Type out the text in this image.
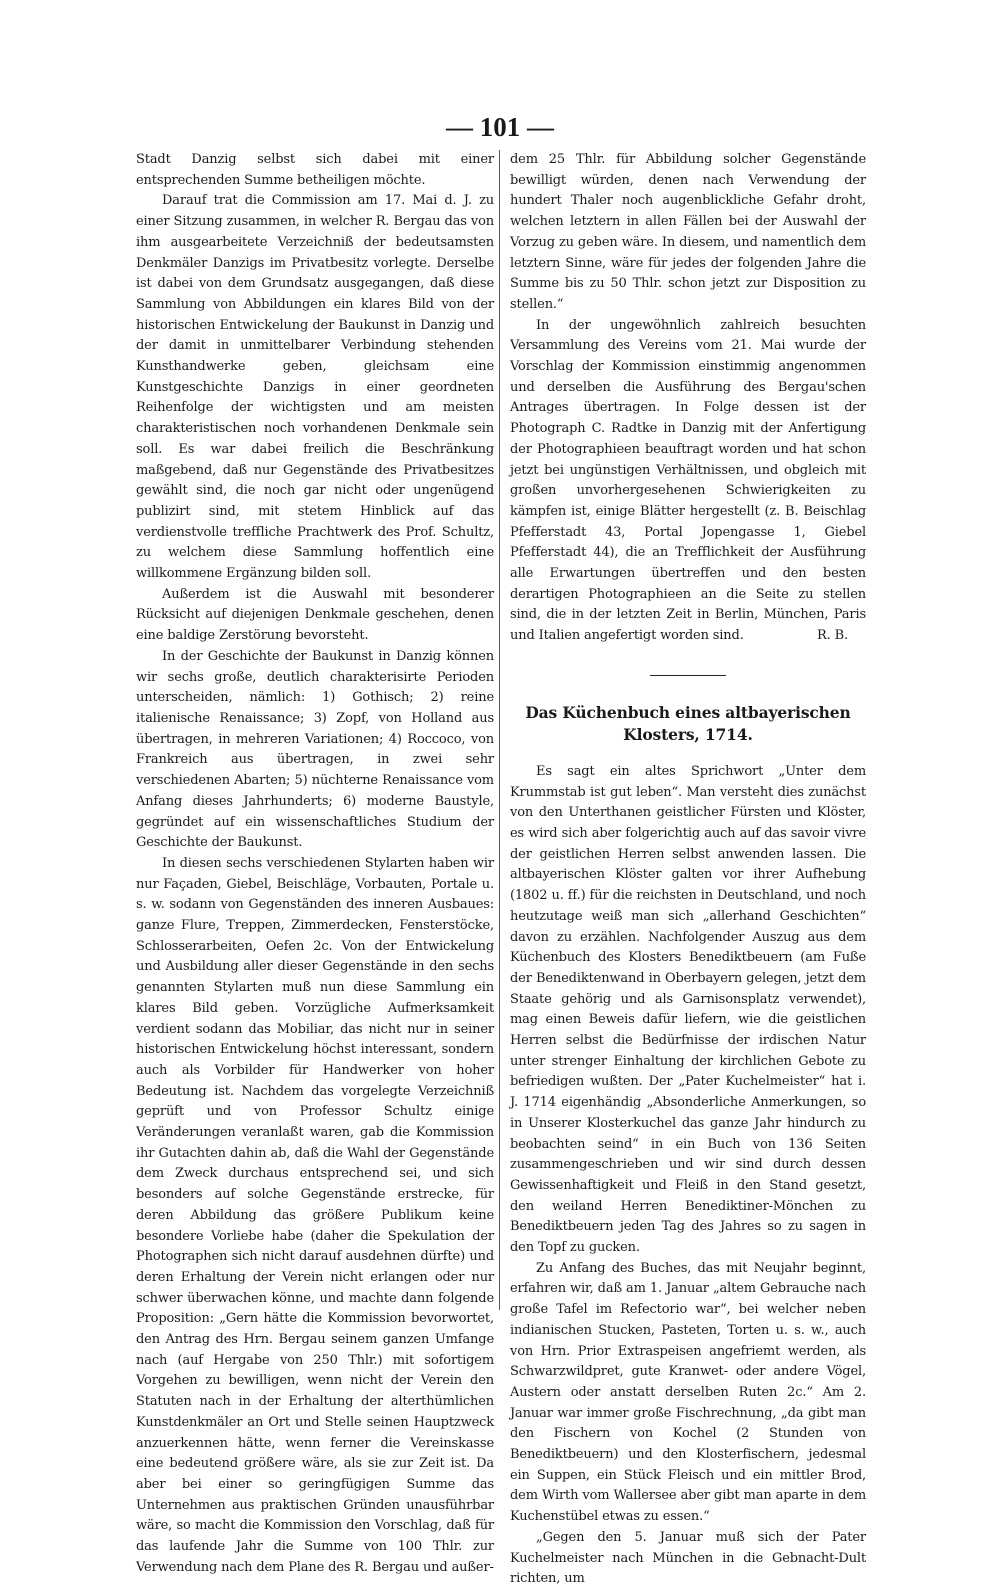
— 101 —

Stadt Danzig selbst sich dabei mit einer entsprechenden Summe betheiligen möchte.

Darauf trat die Commission am 17. Mai d. J. zu einer Sitzung zusammen, in welcher R. Bergau das von ihm ausgearbeitete Verzeichniß der bedeutsamsten Denkmäler Danzigs im Privatbesitz vorlegte. Derselbe ist dabei von dem Grundsatz ausgegangen, daß diese Sammlung von Abbildungen ein klares Bild von der historischen Entwickelung der Baukunst in Danzig und der damit in unmittelbarer Verbindung stehenden Kunsthandwerke geben, gleichsam eine Kunstgeschichte Danzigs in einer geordneten Reihenfolge der wichtigsten und am meisten charakteristischen noch vorhandenen Denkmale sein soll. Es war dabei freilich die Beschränkung maßgebend, daß nur Gegenstände des Privatbesitzes gewählt sind, die noch gar nicht oder ungenügend publizirt sind, mit stetem Hinblick auf das verdienstvolle treffliche Prachtwerk des Prof. Schultz, zu welchem diese Sammlung hoffentlich eine willkommene Ergänzung bilden soll.

Außerdem ist die Auswahl mit besonderer Rücksicht auf diejenigen Denkmale geschehen, denen eine baldige Zerstörung bevorsteht.

In der Geschichte der Baukunst in Danzig können wir sechs große, deutlich charakterisirte Perioden unterscheiden, nämlich: 1) Gothisch; 2) reine italienische Renaissance; 3) Zopf, von Holland aus übertragen, in mehreren Variationen; 4) Roccoco, von Frankreich aus übertragen, in zwei sehr verschiedenen Abarten; 5) nüchterne Renaissance vom Anfang dieses Jahrhunderts; 6) moderne Baustyle, gegründet auf ein wissenschaftliches Studium der Geschichte der Baukunst.

In diesen sechs verschiedenen Stylarten haben wir nur Façaden, Giebel, Beischläge, Vorbauten, Portale u. s. w. sodann von Gegenständen des inneren Ausbaues: ganze Flure, Treppen, Zimmerdecken, Fensterstöcke, Schlosserarbeiten, Oefen 2c. Von der Entwickelung und Ausbildung aller dieser Gegenstände in den sechs genannten Stylarten muß nun diese Sammlung ein klares Bild geben. Vorzügliche Aufmerksamkeit verdient sodann das Mobiliar, das nicht nur in seiner historischen Entwickelung höchst interessant, sondern auch als Vorbilder für Handwerker von hoher Bedeutung ist. Nachdem das vorgelegte Verzeichniß geprüft und von Professor Schultz einige Veränderungen veranlaßt waren, gab die Kommission ihr Gutachten dahin ab, daß die Wahl der Gegenstände dem Zweck durchaus entsprechend sei, und sich besonders auf solche Gegenstände erstrecke, für deren Abbildung das größere Publikum keine besondere Vorliebe habe (daher die Spekulation der Photographen sich nicht darauf ausdehnen dürfte) und deren Erhaltung der Verein nicht erlangen oder nur schwer überwachen könne, und machte dann folgende Proposition: „Gern hätte die Kommission bevorwortet, den Antrag des Hrn. Bergau seinem ganzen Umfange nach (auf Hergabe von 250 Thlr.) mit sofortigem Vorgehen zu bewilligen, wenn nicht der Verein den Statuten nach in der Erhaltung der alterthümlichen Kunstdenkmäler an Ort und Stelle seinen Hauptzweck anzuerkennen hätte, wenn ferner die Vereinskasse eine bedeutend größere wäre, als sie zur Zeit ist. Da aber bei einer so geringfügigen Summe das Unternehmen aus praktischen Gründen unausführbar wäre, so macht die Kommission den Vorschlag, daß für das laufende Jahr die Summe von 100 Thlr. zur Verwendung nach dem Plane des R. Bergau und außer-

dem 25 Thlr. für Abbildung solcher Gegenstände bewilligt würden, denen nach Verwendung der hundert Thaler noch augenblickliche Gefahr droht, welchen letztern in allen Fällen bei der Auswahl der Vorzug zu geben wäre. In diesem, und namentlich dem letztern Sinne, wäre für jedes der folgenden Jahre die Summe bis zu 50 Thlr. schon jetzt zur Disposition zu stellen.“

In der ungewöhnlich zahlreich besuchten Versammlung des Vereins vom 21. Mai wurde der Vorschlag der Kommission einstimmig angenommen und derselben die Ausführung des Bergau'schen Antrages übertragen. In Folge dessen ist der Photograph C. Radtke in Danzig mit der Anfertigung der Photographieen beauftragt worden und hat schon jetzt bei ungünstigen Verhältnissen, und obgleich mit großen unvorhergesehenen Schwierigkeiten zu kämpfen ist, einige Blätter hergestellt (z. B. Beischlag Pfefferstadt 43, Portal Jopengasse 1, Giebel Pfefferstadt 44), die an Trefflichkeit der Ausführung alle Erwartungen übertreffen und den besten derartigen Photographieen an die Seite zu stellen sind, die in der letzten Zeit in Berlin, München, Paris und Italien angefertigt worden sind.	R. B.

Das Küchenbuch eines altbayerischen Klosters, 1714.

Es sagt ein altes Sprichwort „Unter dem Krummstab ist gut leben“. Man versteht dies zunächst von den Unterthanen geistlicher Fürsten und Klöster, es wird sich aber folgerichtig auch auf das savoir vivre der geistlichen Herren selbst anwenden lassen. Die altbayerischen Klöster galten vor ihrer Aufhebung (1802 u. ff.) für die reichsten in Deutschland, und noch heutzutage weiß man sich „allerhand Geschichten“ davon zu erzählen. Nachfolgender Auszug aus dem Küchenbuch des Klosters Benediktbeuern (am Fuße der Benediktenwand in Oberbayern gelegen, jetzt dem Staate gehörig und als Garnisonsplatz verwendet), mag einen Beweis dafür liefern, wie die geistlichen Herren selbst die Bedürfnisse der irdischen Natur unter strenger Einhaltung der kirchlichen Gebote zu befriedigen wußten. Der „Pater Kuchelmeister“ hat i. J. 1714 eigenhändig „Absonderliche Anmerkungen, so in Unserer Klosterkuchel das ganze Jahr hindurch zu beobachten seind“ in ein Buch von 136 Seiten zusammengeschrieben und wir sind durch dessen Gewissenhaftigkeit und Fleiß in den Stand gesetzt, den weiland Herren Benediktiner-Mönchen zu Benediktbeuern jeden Tag des Jahres so zu sagen in den Topf zu gucken.

Zu Anfang des Buches, das mit Neujahr beginnt, erfahren wir, daß am 1. Januar „altem Gebrauche nach große Tafel im Refectorio war“, bei welcher neben indianischen Stucken, Pasteten, Torten u. s. w., auch von Hrn. Prior Extraspeisen angefriemt werden, als Schwarzwildpret, gute Kranwet- oder andere Vögel, Austern oder anstatt derselben Ruten 2c.“ Am 2. Januar war immer große Fischrechnung, „da gibt man den Fischern von Kochel (2 Stunden von Benediktbeuern) und den Klosterfischern, jedesmal ein Suppen, ein Stück Fleisch und ein mittler Brod, dem Wirth vom Wallersee aber gibt man aparte in dem Kuchenstübel etwas zu essen.“

„Gegen den 5. Januar muß sich der Pater Kuchelmeister nach München in die Gebnacht-Dult richten, um
